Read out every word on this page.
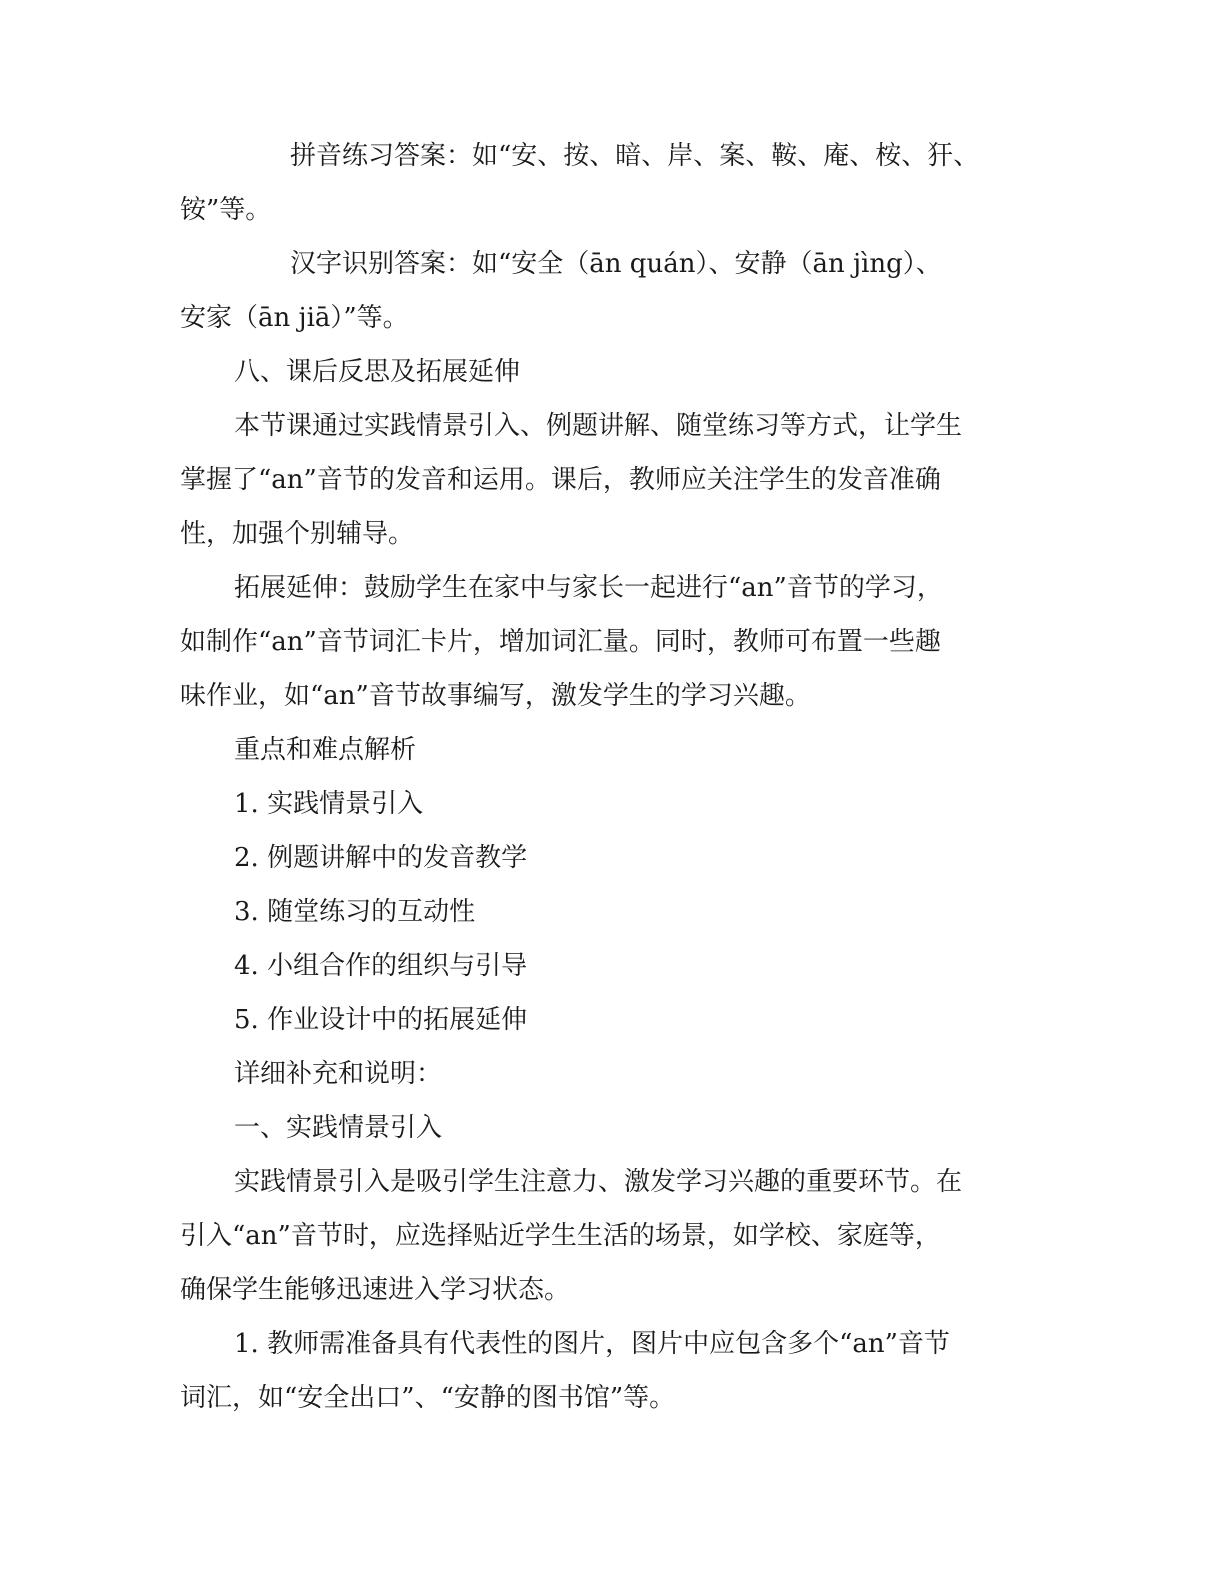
拼音练习答案：如“安、按、暗、岸、案、鞍、庵、桉、犴、
铵”等。
汉字识别答案：如“安全（ān quán）、安静（ān jìng）、
安家（ān jiā）”等。
八、课后反思及拓展延伸
本节课通过实践情景引入、例题讲解、随堂练习等方式，让学生
掌握了“an”音节的发音和运用。课后，教师应关注学生的发音准确
性，加强个别辅导。
拓展延伸：鼓励学生在家中与家长一起进行“an”音节的学习，
如制作“an”音节词汇卡片，增加词汇量。同时，教师可布置一些趣
味作业，如“an”音节故事编写，激发学生的学习兴趣。
重点和难点解析
1. 实践情景引入
2. 例题讲解中的发音教学
3. 随堂练习的互动性
4. 小组合作的组织与引导
5. 作业设计中的拓展延伸
详细补充和说明：
一、实践情景引入
实践情景引入是吸引学生注意力、激发学习兴趣的重要环节。在
引入“an”音节时，应选择贴近学生生活的场景，如学校、家庭等，
确保学生能够迅速进入学习状态。
1. 教师需准备具有代表性的图片，图片中应包含多个“an”音节
词汇，如“安全出口”、“安静的图书馆”等。
